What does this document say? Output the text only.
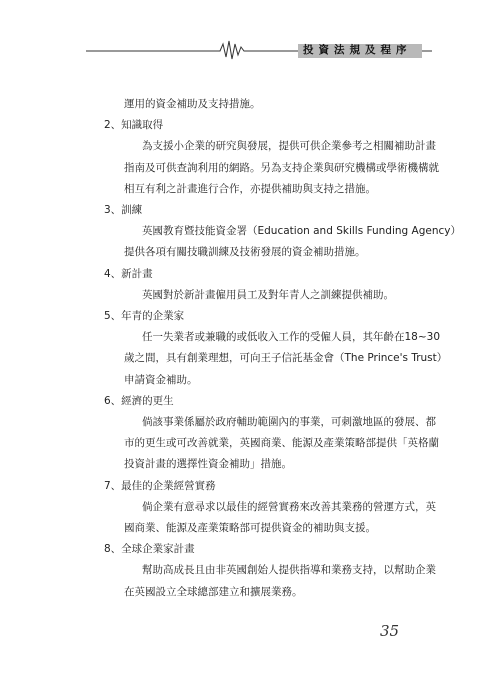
投資法規及程序
運用的資金補助及支持措施。
2、知識取得
為支援小企業的研究與發展，提供可供企業參考之相關補助計畫
指南及可供查詢利用的網路。另為支持企業與研究機構或學術機構就
相互有利之計畫進行合作，亦提供補助與支持之措施。
3、訓練
英國教育暨技能資金署（Education and Skills Funding Agency）
提供各項有關技職訓練及技術發展的資金補助措施。
4、新計畫
英國對於新計畫僱用員工及對年青人之訓練提供補助。
5、年青的企業家
任一失業者或兼職的或低收入工作的受僱人員，其年齡在18~30
歲之間，具有創業理想，可向王子信託基金會（The Prince's Trust）
申請資金補助。
6、經濟的更生
倘該事業係屬於政府輔助範圍內的事業，可刺激地區的發展、都
市的更生或可改善就業，英國商業、能源及產業策略部提供「英格蘭
投資計畫的選擇性資金補助」措施。
7、最佳的企業經營實務
倘企業有意尋求以最佳的經營實務來改善其業務的營運方式，英
國商業、能源及產業策略部可提供資金的補助與支援。
8、全球企業家計畫
幫助高成長且由非英國創始人提供指導和業務支持，以幫助企業
在英國設立全球總部建立和擴展業務。
35
